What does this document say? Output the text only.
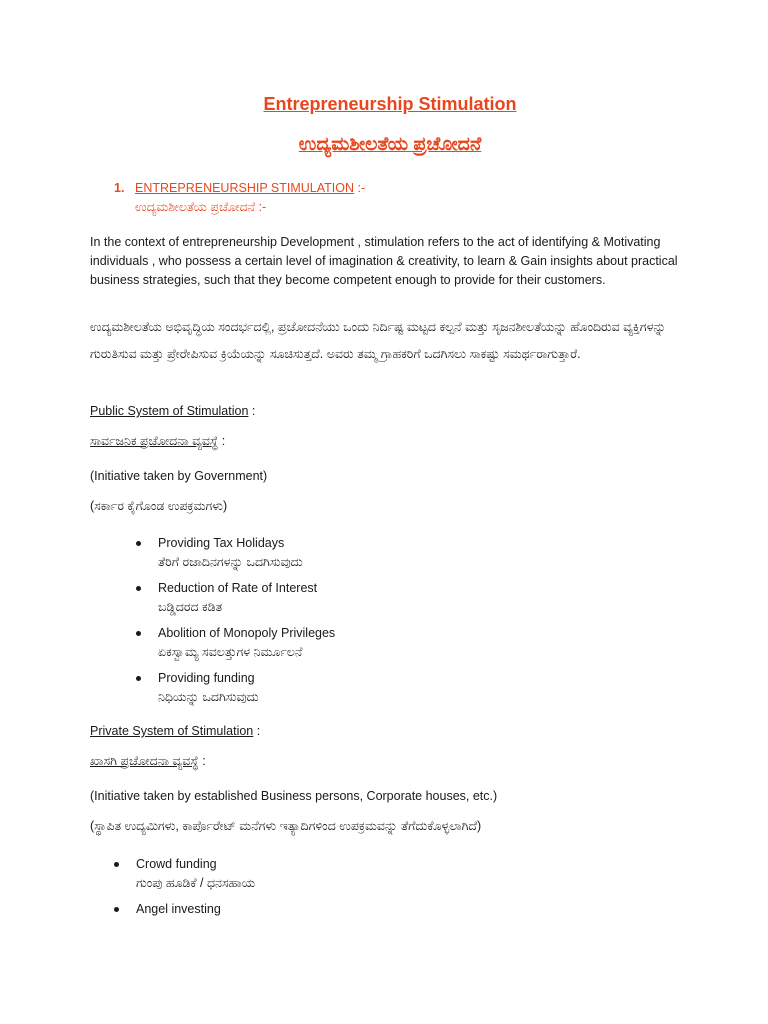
Entrepreneurship Stimulation
ಉದ್ಯಮಶೀಲತೆಯ ಪ್ರಚೋದನೆ
1. ENTREPRENEURSHIP STIMULATION :-
ಉದ್ಯಮಶೀಲತೆಯ ಪ್ರಚೋದನೆ :-
In the context of entrepreneurship Development , stimulation refers to the act of identifying & Motivating individuals , who possess a certain level of imagination & creativity, to learn & Gain insights about practical business strategies, such that they become competent enough to provide for their customers.
ಉದ್ಯಮಶೀಲತೆಯ ಅಭಿವೃದ್ಧಿಯ ಸಂದರ್ಭದಲ್ಲಿ, ಪ್ರಚೋದನೆಯು ಒಂದು ನಿರ್ದಿಷ್ಟ ಮಟ್ಟದ ಕಲ್ಪನೆ ಮತ್ತು ಸೃಜನಶೀಲತೆಯನ್ನು ಹೊಂದಿರುವ ವ್ಯಕ್ತಿಗಳನ್ನು ಗುರುತಿಸುವ ಮತ್ತು ಪ್ರೇರೇಪಿಸುವ ಕ್ರಿಯೆಯನ್ನು ಸೂಚಿಸುತ್ತದೆ. ಅವರು ತಮ್ಮ ಗ್ರಾಹಕರಿಗೆ ಒದಗಿಸಲು ಸಾಕಷ್ಟು ಸಮರ್ಥರಾಗುತ್ತಾರೆ.
Public System of Stimulation :
ಸಾರ್ವಜನಿಕ ಪ್ರಚೋದನಾ ವ್ಯವಸ್ಥೆ :
(Initiative taken by Government)
(ಸರ್ಕಾರ ಕೈಗೊಂಡ ಉಪಕ್ರಮಗಳು)
Providing Tax Holidays
ತೆರಿಗೆ ರಜಾದಿನಗಳನ್ನು ಒದಗಿಸುವುದು
Reduction of Rate of Interest
ಬಡ್ಡಿದರದ ಕಡಿತ
Abolition of Monopoly Privileges
ಏಕಸ್ವಾಮ್ಯ ಸವಲತ್ತುಗಳ ನಿರ್ಮೂಲನೆ
Providing funding
ನಿಧಿಯನ್ನು ಒದಗಿಸುವುದು
Private System of Stimulation :
ಖಾಸಗಿ ಪ್ರಚೋದನಾ ವ್ಯವಸ್ಥೆ :
(Initiative taken by established Business persons, Corporate houses, etc.)
(ಸ್ಥಾಪಿತ ಉದ್ಯಮಿಗಳು, ಕಾರ್ಪೊರೇಟ್ ಮನೆಗಳು ಇತ್ಯಾದಿಗಳಿಂದ ಉಪಕ್ರಮವನ್ನು ತೆಗೆದುಕೊಳ್ಳಲಾಗಿದೆ)
Crowd funding
ಗುಂಪು ಹೂಡಿಕೆ / ಧನಸಹಾಯ
Angel investing
